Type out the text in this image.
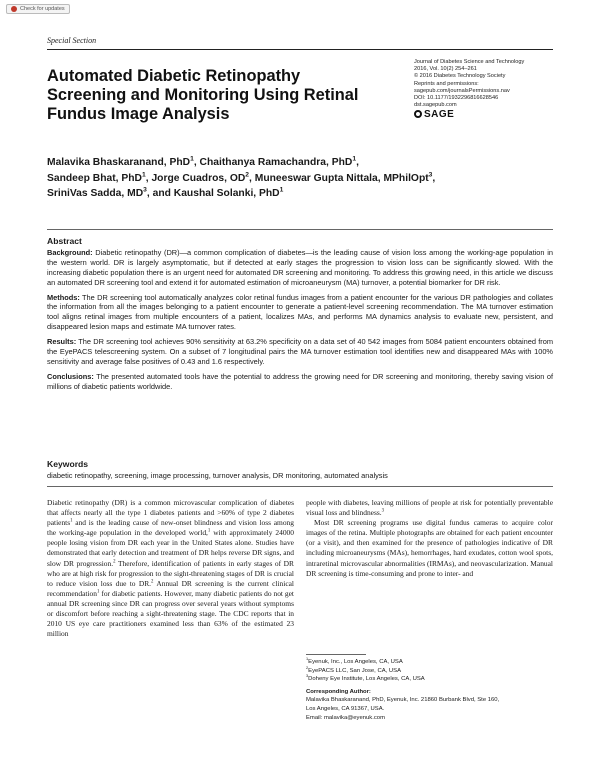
Check for updates
Special Section
Automated Diabetic Retinopathy Screening and Monitoring Using Retinal Fundus Image Analysis
Journal of Diabetes Science and Technology
2016, Vol. 10(2) 254–261
© 2016 Diabetes Technology Society
Reprints and permissions:
sagepub.com/journalsPermissions.nav
DOI: 10.1177/1932296816628546
dst.sagepub.com
SAGE
Malavika Bhaskaranand, PhD$^1$, Chaithanya Ramachandra, PhD$^1$,
Sandeep Bhat, PhD$^1$, Jorge Cuadros, $OD^2$, Muneeswar Gupta Nittala, MPhilOpt$^3$,
SriniVas Sadda, $MD^3$, and Kaushal Solanki, PhD$^1$
Abstract

Background: Diabetic retinopathy (DR)—a common complication of diabetes—is the leading cause of vision loss among the working-age population in the western world. DR is largely asymptomatic, but if detected at early stages the progression to vision loss can be significantly slowed. With the increasing diabetic population there is an urgent need for automated DR screening and monitoring. To address this growing need, in this article we discuss an automated DR screening tool and extend it for automated estimation of microaneurysm (MA) turnover, a potential biomarker for DR risk.

Methods: The DR screening tool automatically analyzes color retinal fundus images from a patient encounter for the various DR pathologies and collates the information from all the images belonging to a patient encounter to generate a patient-level screening recommendation. The MA turnover estimation tool aligns retinal images from multiple encounters of a patient, localizes MAs, and performs MA dynamics analysis to evaluate new, persistent, and disappeared lesion maps and estimate MA turnover rates.

Results: The DR screening tool achieves 90% sensitivity at 63.2% specificity on a data set of 40 542 images from 5084 patient encounters obtained from the EyePACS telescreening system. On a subset of 7 longitudinal pairs the MA turnover estimation tool identifies new and disappeared MAs with 100% sensitivity and average false positives of 0.43 and 1.6 respectively.

Conclusions: The presented automated tools have the potential to address the growing need for DR screening and monitoring, thereby saving vision of millions of diabetic patients worldwide.

Keywords
diabetic retinopathy, screening, image processing, turnover analysis, DR monitoring, automated analysis

Diabetic retinopathy (DR) is a common microvascular complication of diabetes that affects nearly all the type 1 diabetes patients and >60% of type 2 diabetes patients$^1$ and is the leading cause of new-onset blindness and vision loss among the working-age population in the developed world,$^1$ with approximately 24000 people losing vision from DR each year in the United States alone. Studies have demonstrated that early detection and treatment of DR helps reverse DR signs, and slow DR progression.$^2$ Therefore, identification of patients in early stages of DR who are at high risk for progression to the sight-threatening stages of DR is crucial to reduce vision loss due to DR.$^2$ Annual DR screening is the current clinical recommendation$^1$ for diabetic patients. However, many diabetic patients do not get annual DR screening since DR can progress over several years without symptoms or discomfort before reaching a sight-threatening stage. The CDC reports that in 2010 US eye care practitioners examined less than 63% of the estimated 23 million

people with diabetes, leaving millions of people at risk for potentially preventable visual loss and blindness.$^3$

Most DR screening programs use digital fundus cameras to acquire color images of the retina. Multiple photographs are obtained for each patient encounter (or a visit), and then examined for the presence of pathologies indicative of DR including microaneurysms (MAs), hemorrhages, hard exudates, cotton wool spots, intraretinal microvascular abnormalities (IRMAs), and neovascularization. Manual DR screening is time-consuming and prone to inter- and

$^1$Eyenuk, Inc., Los Angeles, CA, USA
$^2$EyePACS LLC, San Jose, CA, USA
$^3$Doheny Eye Institute, Los Angeles, CA, USA
Corresponding Author:
Malavika Bhaskaranand, PhD, Eyenuk, Inc. 21860 Burbank Blvd, Ste 160,
Los Angeles, CA 91367, USA.
Email: malavika@eyenuk.com
